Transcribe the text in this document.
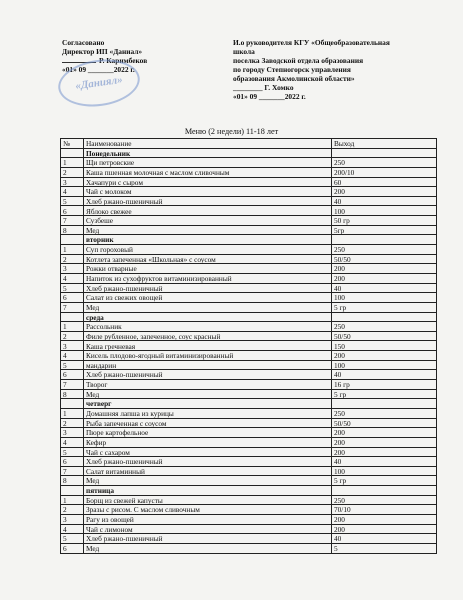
Согласовано
Директор ИП «Даниал»
Р. Каримбеков
«01» 09 _______2022 г.
«Даниял»
И.о руководителя КГУ «Общеобразовательная
школа
поселка Заводской отдела образования
по городу Степногорск управления
образования Акмолинской области»
________ Г. Хомко
«01» 09 _______2022 г.
Меню (2 недели) 11-18 лет
№	Наименование	Выход
	Понедельник	
1	Щи петровские	250
2	Каша пшенная молочная с маслом сливочным	200/10
3	Хачапури с сыром	60
4	Чай с молоком	200
5	Хлеб ржано-пшеничный	40
6	Яблоко свежее	100
7	Сузбеше	50 гр
8	Мед	5гр
	вторник	
1	Суп гороховый	250
2	Котлета запеченная «Школьная» с соусом	50/50
3	Рожки отварные	200
4	Напиток из сухофруктов витаминизированный	200
5	Хлеб ржано-пшеничный	40
6	Салат из свежих овощей	100
7	Мед	5 гр
	среда	
1	Рассольник	250
2	Филе рубленное, запеченное, соус красный	50/50
3	Каша гречневая	150
4	Кисель плодово-ягодный витаминизированный	200
5	мандарин	100
6	Хлеб ржано-пшеничный	40
7	Творог	16 гр
8	Мед	5 гр
	четверг	
1	Домашняя лапша из курицы	250
2	Рыба запеченная с соусом	50/50
3	Пюре картофельное	200
4	Кефир	200
5	Чай с сахаром	200
6	Хлеб ржано-пшеничный	40
7	Салат витаминный	100
8	Мед	5 гр
	пятница	
1	Борщ из свежей капусты	250
2	Зразы с рисом. С маслом сливочным	70/10
3	Рагу из овощей	200
4	Чай с лимоном	200
5	Хлеб ржано-пшеничный	40
6	Мед	5
